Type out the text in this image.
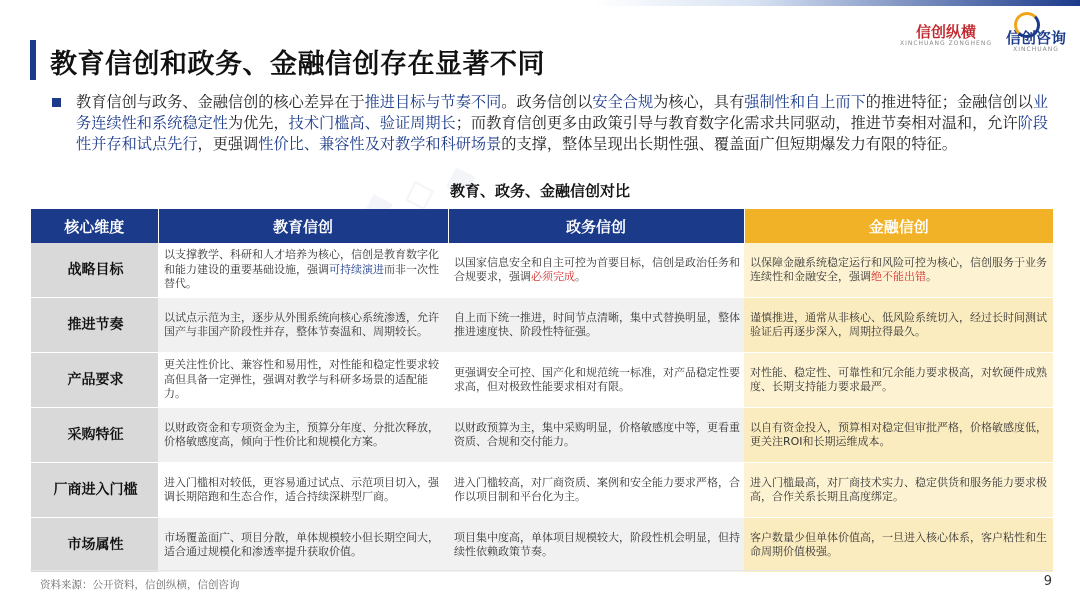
教育信创和政务、金融信创存在显著不同
信创纵横
XINCHUANG ZONGHENG 信创咨询
XINCHUANG
◆ ◇ ◆
教育信创与政务、金融信创的核心差异在于推进目标与节奏不同。政务信创以安全合规为核心，具有强制性和自上而下的推进特征；金融信创以业务连续性和系统稳定性为优先，技术门槛高、验证周期长；而教育信创更多由政策引导与教育数字化需求共同驱动，推进节奏相对温和，允许阶段性并存和试点先行，更强调性价比、兼容性及对教学和科研场景的支撑，整体呈现出长期性强、覆盖面广但短期爆发力有限的特征。
教育、政务、金融信创对比
核心维度	教育信创	政务信创	金融信创
战略目标	以支撑教学、科研和人才培养为核心，信创是教育数字化和能力建设的重要基础设施，强调可持续演进而非一次性替代。	以国家信息安全和自主可控为首要目标，信创是政治任务和合规要求，强调必须完成。	以保障金融系统稳定运行和风险可控为核心，信创服务于业务连续性和金融安全，强调绝不能出错。
推进节奏	以试点示范为主，逐步从外围系统向核心系统渗透，允许国产与非国产阶段性并存，整体节奏温和、周期较长。	自上而下统一推进，时间节点清晰，集中式替换明显，整体推进速度快、阶段性特征强。	谨慎推进，通常从非核心、低风险系统切入，经过长时间测试验证后再逐步深入，周期拉得最久。
产品要求	更关注性价比、兼容性和易用性，对性能和稳定性要求较高但具备一定弹性，强调对教学与科研多场景的适配能力。	更强调安全可控、国产化和规范统一标准，对产品稳定性要求高，但对极致性能要求相对有限。	对性能、稳定性、可靠性和冗余能力要求极高，对软硬件成熟度、长期支持能力要求最严。
采购特征	以财政资金和专项资金为主，预算分年度、分批次释放，价格敏感度高，倾向于性价比和规模化方案。	以财政预算为主，集中采购明显，价格敏感度中等，更看重资质、合规和交付能力。	以自有资金投入，预算相对稳定但审批严格，价格敏感度低，更关注ROI和长期运维成本。
厂商进入门槛	进入门槛相对较低，更容易通过试点、示范项目切入，强调长期陪跑和生态合作，适合持续深耕型厂商。	进入门槛较高，对厂商资质、案例和安全能力要求严格，合作以项目制和平台化为主。	进入门槛最高，对厂商技术实力、稳定供货和服务能力要求极高，合作关系长期且高度绑定。
市场属性	市场覆盖面广、项目分散，单体规模较小但长期空间大，适合通过规模化和渗透率提升获取价值。	项目集中度高，单体项目规模较大，阶段性机会明显，但持续性依赖政策节奏。	客户数量少但单体价值高，一旦进入核心体系，客户粘性和生命周期价值极强。
资料来源：公开资料，信创纵横，信创咨询	9
